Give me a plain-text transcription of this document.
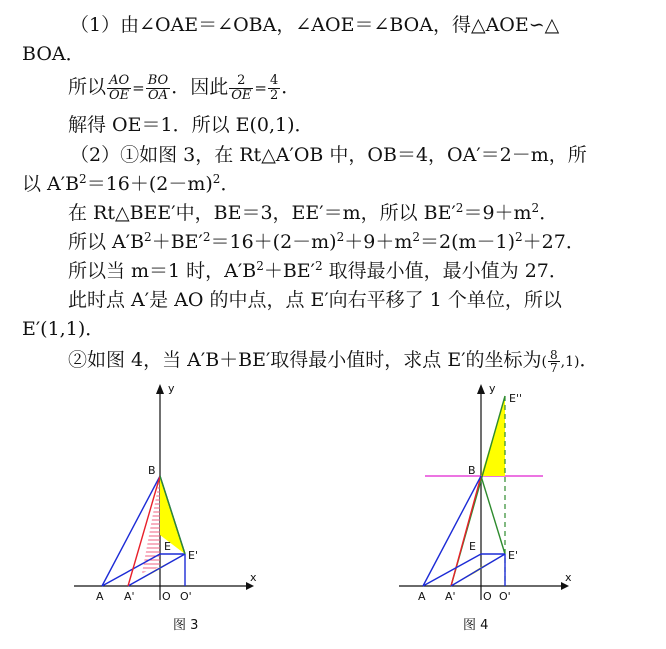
（1）由∠OAE＝∠OBA，∠AOE＝∠BOA，得△AOE∽△
BOA．
所以 $\frac{AO}{OE} = \frac{BO}{OA}$ ．因此 $\frac{2}{OE} = \frac{4}{2}$ ．
解得 OE＝1．所以 E(0,1)．
（2）①如图 3，在 Rt△A′OB 中，OB＝4，OA′＝2－m，所
以 $A'B^2=16+(2-m)^2$．
在 Rt△BEE′中，BE＝3，EE′＝m，所以 $BE'^2=9+m^2$．
所以 $A'B^2+BE'^2=16+(2-m)^2+9+m^2=2(m-1)^2+27$．
所以当 m＝1 时，$A'B^2+BE'^2$ 取得最小值，最小值为 27．
此时点 A′是 AO 的中点，点 E′向右平移了 1 个单位，所以
E′(1,1)．
②如图 4，当 A′B＋BE′取得最小值时，求点 E′的坐标为( $\frac{8}{7} ,1$)．
y
x
B
E
E'
A A' O O'
图 3
y
x
E''
B
E
E'
A A' O O'
图 4
